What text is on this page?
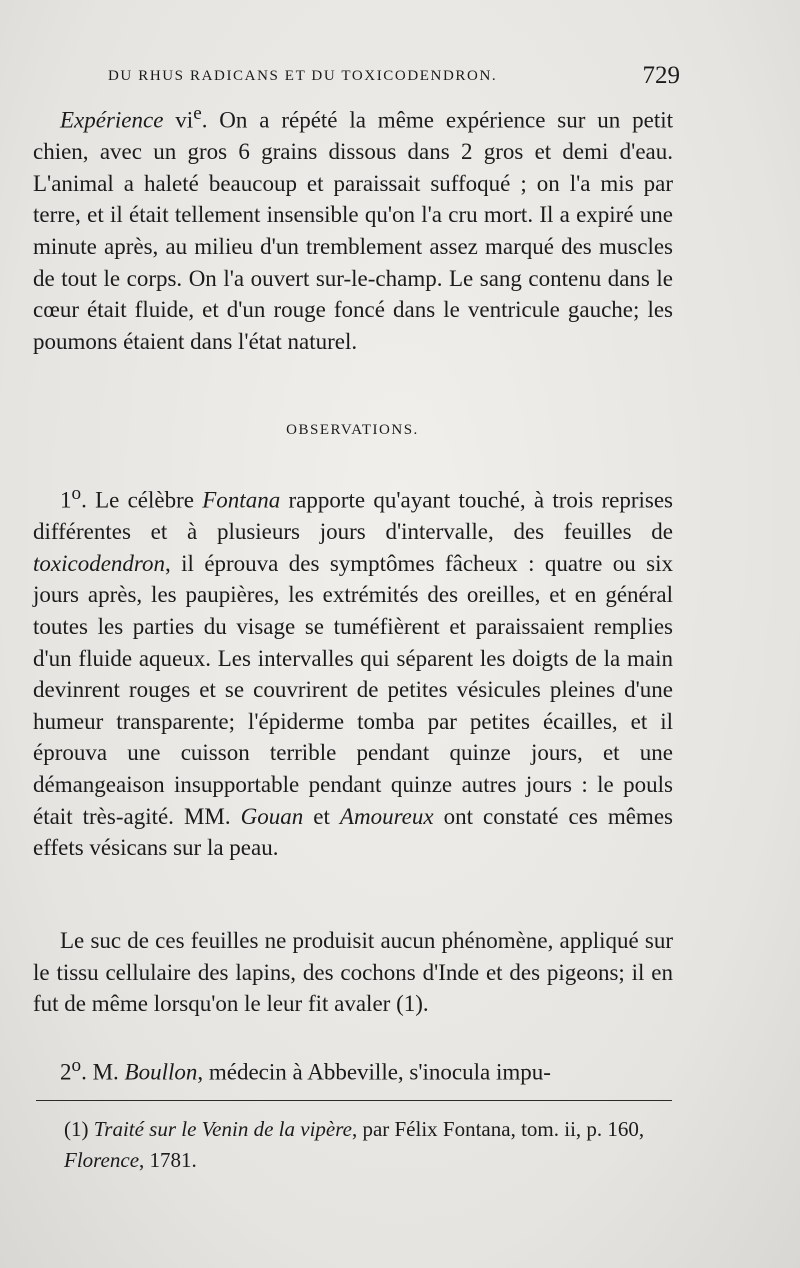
DU RHUS RADICANS ET DU TOXICODENDRON.	729

Expérience $vi^e$. On a répété la même expérience sur un petit chien, avec un gros 6 grains dissous dans 2 gros et demi d'eau. L'animal a haleté beaucoup et paraissait suffoqué ; on l'a mis par terre, et il était tellement insensible qu'on l'a cru mort. Il a expiré une minute après, au milieu d'un tremblement assez marqué des muscles de tout le corps. On l'a ouvert sur-le-champ. Le sang contenu dans le cœur était fluide, et d'un rouge foncé dans le ventricule gauche; les poumons étaient dans l'état naturel.

OBSERVATIONS.

1$^o$. Le célèbre Fontana rapporte qu'ayant touché, à trois reprises différentes et à plusieurs jours d'intervalle, des feuilles de toxicodendron, il éprouva des symptômes fâcheux : quatre ou six jours après, les paupières, les extrémités des oreilles, et en général toutes les parties du visage se tuméfièrent et paraissaient remplies d'un fluide aqueux. Les intervalles qui séparent les doigts de la main devinrent rouges et se couvrirent de petites vésicules pleines d'une humeur transparente; l'épiderme tomba par petites écailles, et il éprouva une cuisson terrible pendant quinze jours, et une démangeaison insupportable pendant quinze autres jours : le pouls était très-agité. MM. Gouan et Amoureux ont constaté ces mêmes effets vésicans sur la peau.

Le suc de ces feuilles ne produisit aucun phénomène, appliqué sur le tissu cellulaire des lapins, des cochons d'Inde et des pigeons; il en fut de même lorsqu'on le leur fit avaler (1).

2$^o$. M. Boullon, médecin à Abbeville, s'inocula impu-

(1) Traité sur le Venin de la vipère, par Félix Fontana, tom. ii, p. 160, Florence, 1781.
